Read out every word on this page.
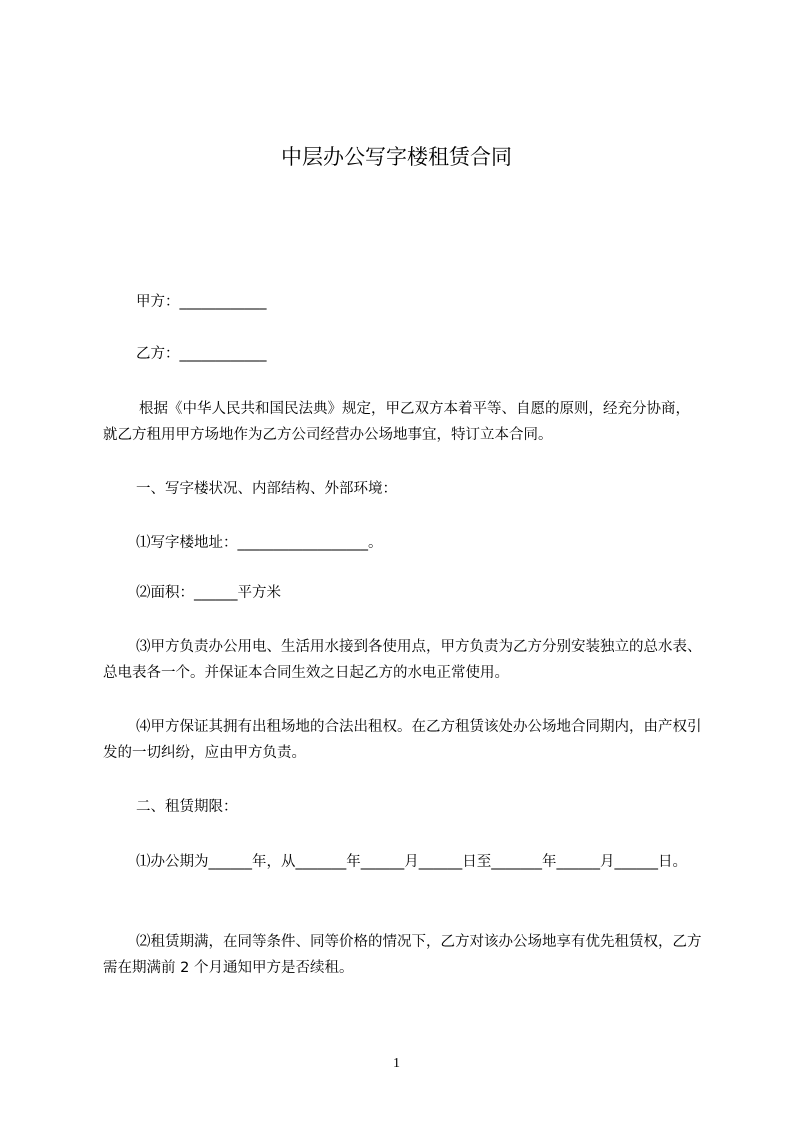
中层办公写字楼租赁合同

甲方：____________

乙方：____________

根据《中华人民共和国民法典》规定，甲乙双方本着平等、自愿的原则，经充分协商，就乙方租用甲方场地作为乙方公司经营办公场地事宜，特订立本合同。

一、写字楼状况、内部结构、外部环境：

⑴写字楼地址：__________________。

⑵面积：______平方米

⑶甲方负责办公用电、生活用水接到各使用点，甲方负责为乙方分别安装独立的总水表、总电表各一个。并保证本合同生效之日起乙方的水电正常使用。

⑷甲方保证其拥有出租场地的合法出租权。在乙方租赁该处办公场地合同期内，由产权引发的一切纠纷，应由甲方负责。

二、租赁期限：

⑴办公期为______年，从_______年______月______日至_______年______月______日。

⑵租赁期满，在同等条件、同等价格的情况下，乙方对该办公场地享有优先租赁权，乙方需在期满前 2 个月通知甲方是否续租。

1
